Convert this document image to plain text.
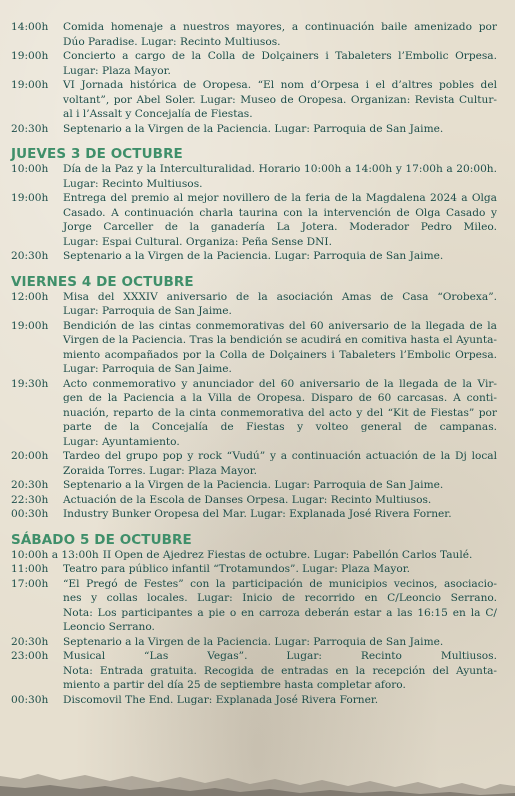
14:00h	Comida homenaje a nuestros mayores, a continuación baile amenizado por
Dúo Paradise. Lugar: Recinto Multiusos.
19:00h	Concierto a cargo de la Colla de Dolçainers i Tabaleters l’Embolic Orpesa.
Lugar: Plaza Mayor.
19:00h	VI Jornada histórica de Oropesa. “El nom d’Orpesa i el d’altres pobles del
voltant”, por Abel Soler. Lugar: Museo de Oropesa. Organizan: Revista Cultur-
al i l’Assalt y Concejalía de Fiestas.
20:30h	Septenario a la Virgen de la Paciencia. Lugar: Parroquia de San Jaime.
JUEVES 3 DE OCTUBRE
10:00h	Día de la Paz y la Interculturalidad. Horario 10:00h a 14:00h y 17:00h a 20:00h.
Lugar: Recinto Multiusos.
19:00h	Entrega del premio al mejor novillero de la feria de la Magdalena 2024 a Olga
Casado. A continuación charla taurina con la intervención de Olga Casado y
Jorge Carceller de la ganadería La Jotera. Moderador Pedro Mileo.
Lugar: Espai Cultural. Organiza: Peña Sense DNI.
20:30h	Septenario a la Virgen de la Paciencia. Lugar: Parroquia de San Jaime.
VIERNES 4 DE OCTUBRE
12:00h	Misa del XXXIV aniversario de la asociación Amas de Casa “Orobexa”.
Lugar: Parroquia de San Jaime.
19:00h	Bendición de las cintas conmemorativas del 60 aniversario de la llegada de la
Virgen de la Paciencia. Tras la bendición se acudirá en comitiva hasta el Ayunta-
miento acompañados por la Colla de Dolçainers i Tabaleters l’Embolic Orpesa.
Lugar: Parroquia de San Jaime.
19:30h	Acto conmemorativo y anunciador del 60 aniversario de la llegada de la Vir-
gen de la Paciencia a la Villa de Oropesa. Disparo de 60 carcasas. A conti-
nuación, reparto de la cinta conmemorativa del acto y del “Kit de Fiestas” por
parte de la Concejalía de Fiestas y volteo general de campanas.
Lugar: Ayuntamiento.
20:00h	Tardeo del grupo pop y rock “Vudú” y a continuación actuación de la Dj local
Zoraida Torres. Lugar: Plaza Mayor.
20:30h	Septenario a la Virgen de la Paciencia. Lugar: Parroquia de San Jaime.
22:30h	Actuación de la Escola de Danses Orpesa. Lugar: Recinto Multiusos.
00:30h	Industry Bunker Oropesa del Mar. Lugar: Explanada José Rivera Forner.
SÁBADO 5 DE OCTUBRE
10:00h a 13:00h II Open de Ajedrez Fiestas de octubre. Lugar: Pabellón Carlos Taulé.
11:00h	Teatro para público infantil “Trotamundos”. Lugar: Plaza Mayor.
17:00h	“El Pregó de Festes” con la participación de municipios vecinos, asociacio-
nes y collas locales. Lugar: Inicio de recorrido en C/Leoncio Serrano.
Nota: Los participantes a pie o en carroza deberán estar a las 16:15 en la C/
Leoncio Serrano.
20:30h	Septenario a la Virgen de la Paciencia. Lugar: Parroquia de San Jaime.
23:00h	Musical “Las Vegas”. Lugar: Recinto Multiusos.
Nota: Entrada gratuita. Recogida de entradas en la recepción del Ayunta-
miento a partir del día 25 de septiembre hasta completar aforo.
00:30h	Discomovil The End. Lugar: Explanada José Rivera Forner.
